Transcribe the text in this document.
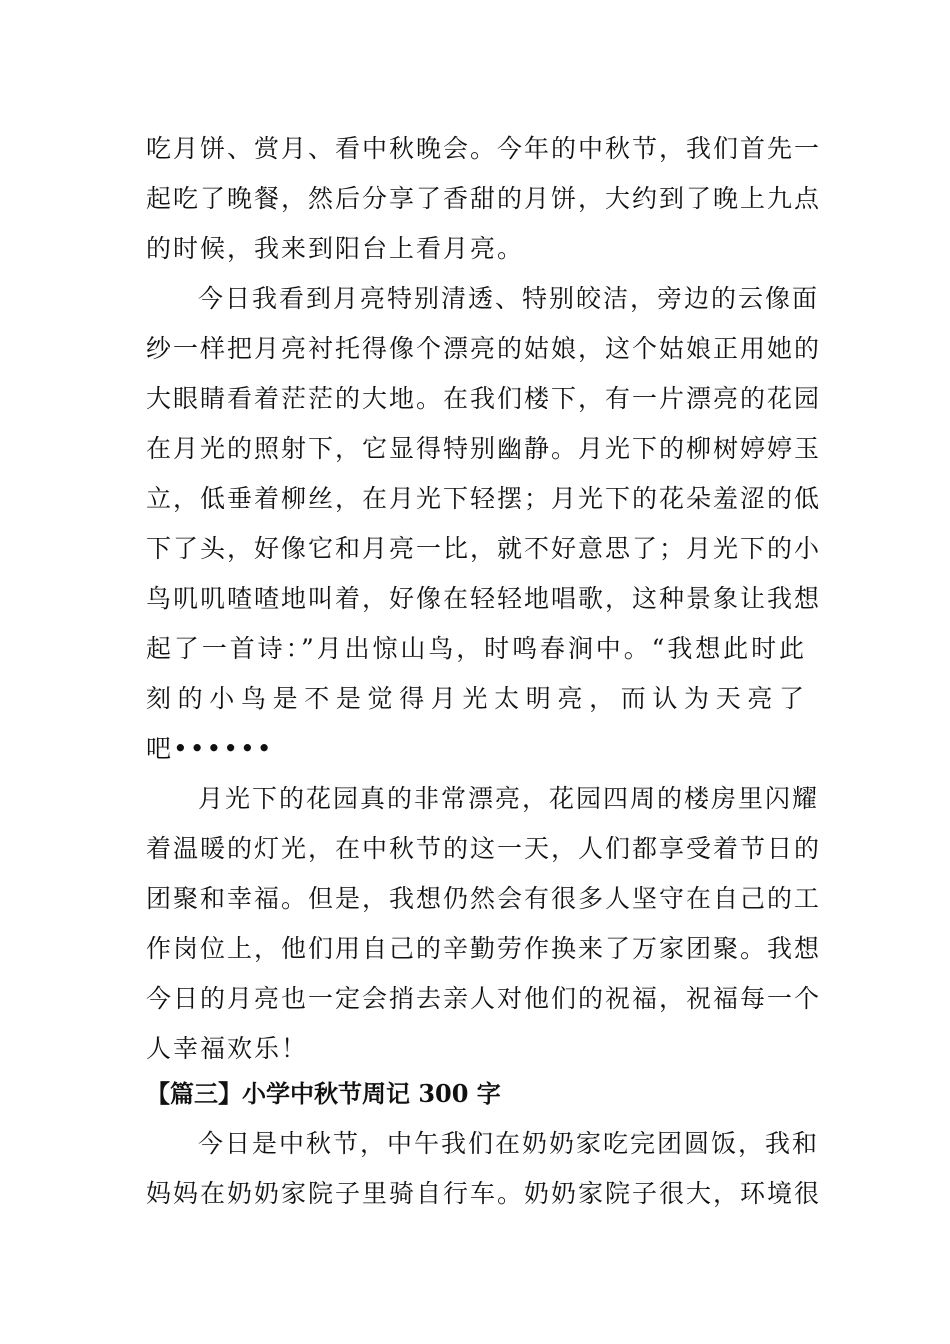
吃月饼、赏月、看中秋晚会。今年的中秋节，我们首先一
起吃了晚餐，然后分享了香甜的月饼，大约到了晚上九点
的时候，我来到阳台上看月亮。
今日我看到月亮特别清透、特别皎洁，旁边的云像面
纱一样把月亮衬托得像个漂亮的姑娘，这个姑娘正用她的
大眼睛看着茫茫的大地。在我们楼下，有一片漂亮的花园
在月光的照射下，它显得特别幽静。月光下的柳树婷婷玉
立，低垂着柳丝，在月光下轻摆；月光下的花朵羞涩的低
下了头，好像它和月亮一比，就不好意思了；月光下的小
鸟叽叽喳喳地叫着，好像在轻轻地唱歌，这种景象让我想
起了一首诗：”月出惊山鸟，时鸣春涧中。“我想此时此
刻的小鸟是不是觉得月光太明亮，而认为天亮了
吧••••••
月光下的花园真的非常漂亮，花园四周的楼房里闪耀
着温暖的灯光，在中秋节的这一天，人们都享受着节日的
团聚和幸福。但是，我想仍然会有很多人坚守在自己的工
作岗位上，他们用自己的辛勤劳作换来了万家团聚。我想
今日的月亮也一定会捎去亲人对他们的祝福，祝福每一个
人幸福欢乐！
【篇三】小学中秋节周记 300 字
今日是中秋节，中午我们在奶奶家吃完团圆饭，我和
妈妈在奶奶家院子里骑自行车。奶奶家院子很大，环境很
